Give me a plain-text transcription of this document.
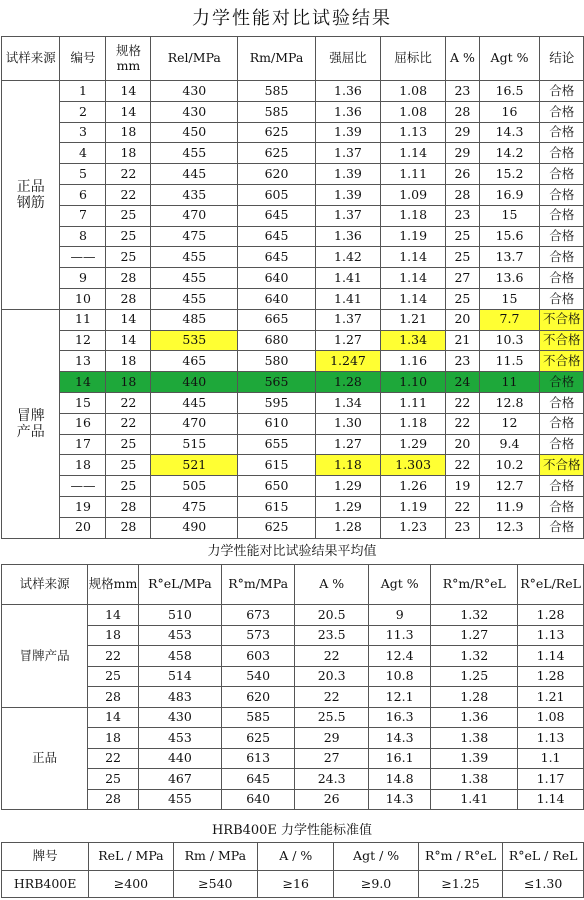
力学性能对比试验结果
试样来源	编号	规格mm	Rel/MPa	Rm/MPa	强屈比	屈标比	A %	Agt %	结论
正品钢筋	1	14	430	585	1.36	1.08	23	16.5	合格
	2	14	430	585	1.36	1.08	28	16	合格
	3	18	450	625	1.39	1.13	29	14.3	合格
	4	18	455	625	1.37	1.14	29	14.2	合格
	5	22	445	620	1.39	1.11	26	15.2	合格
	6	22	435	605	1.39	1.09	28	16.9	合格
	7	25	470	645	1.37	1.18	23	15	合格
	8	25	475	645	1.36	1.19	25	15.6	合格
	——	25	455	645	1.42	1.14	25	13.7	合格
	9	28	455	640	1.41	1.14	27	13.6	合格
	10	28	455	640	1.41	1.14	25	15	合格
冒牌产品	11	14	485	665	1.37	1.21	20	7.7	不合格
	12	14	535	680	1.27	1.34	21	10.3	不合格
	13	18	465	580	1.247	1.16	23	11.5	不合格
	14	18	440	565	1.28	1.10	24	11	合格
	15	22	445	595	1.34	1.11	22	12.8	合格
	16	22	470	610	1.30	1.18	22	12	合格
	17	25	515	655	1.27	1.29	20	9.4	合格
	18	25	521	615	1.18	1.303	22	10.2	不合格
	——	25	505	650	1.29	1.26	19	12.7	合格
	19	28	475	615	1.29	1.19	22	11.9	合格
	20	28	490	625	1.28	1.23	23	12.3	合格
力学性能对比试验结果平均值
试样来源	规格mm	R°eL/MPa	R°m/MPa	A %	Agt %	R°m/R°eL	R°eL/ReL
冒牌产品	14	510	673	20.5	9	1.32	1.28
	18	453	573	23.5	11.3	1.27	1.13
	22	458	603	22	12.4	1.32	1.14
	25	514	540	20.3	10.8	1.25	1.28
	28	483	620	22	12.1	1.28	1.21
正品	14	430	585	25.5	16.3	1.36	1.08
	18	453	625	29	14.3	1.38	1.13
	22	440	613	27	16.1	1.39	1.1
	25	467	645	24.3	14.8	1.38	1.17
	28	455	640	26	14.3	1.41	1.14
HRB400E 力学性能标准值
牌号	ReL / MPa	Rm / MPa	A / %	Agt / %	R°m / R°eL	R°eL / ReL
HRB400E	≥400	≥540	≥16	≥9.0	≥1.25	≤1.30
